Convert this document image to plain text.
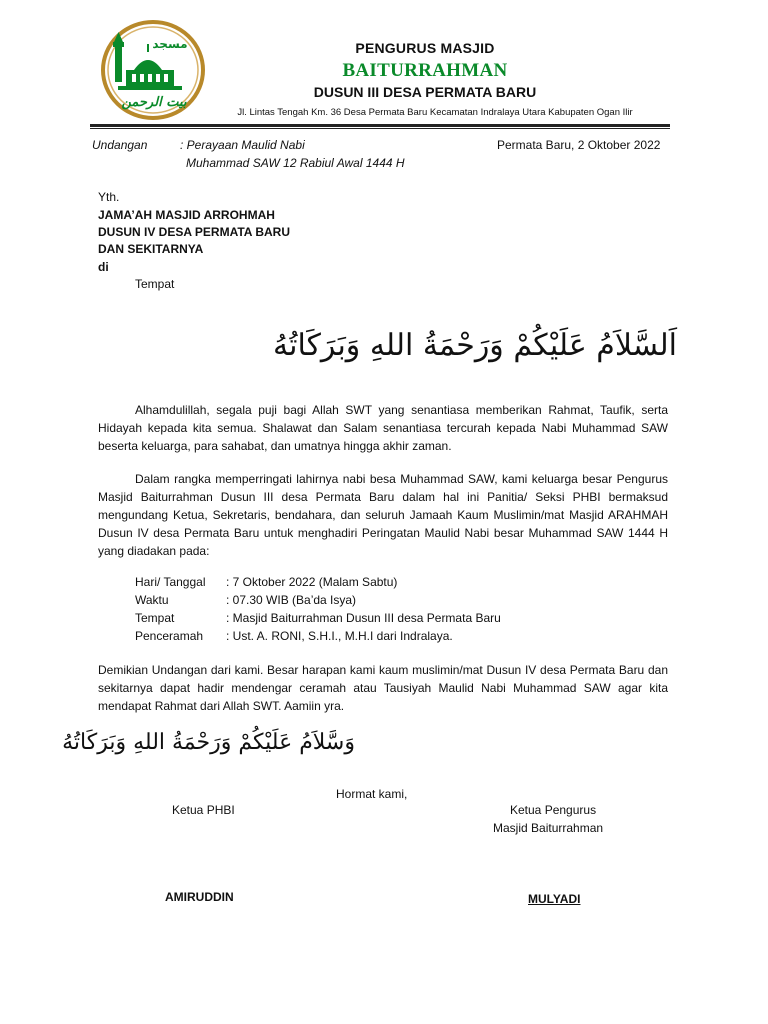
مسجد
بيت الرحمن
PENGURUS MASJID
BAITURRAHMAN
DUSUN III DESA PERMATA BARU
Jl. Lintas Tengah Km. 36 Desa Permata Baru Kecamatan Indralaya Utara Kabupaten Ogan Ilir
Undangan	: Perayaan Maulid Nabi
Muhammad SAW 12 Rabiul Awal 1444 H
Permata Baru, 2 Oktober 2022
Yth.
JAMA’AH MASJID ARROHMAH
DUSUN IV DESA PERMATA BARU
DAN SEKITARNYA
di
Tempat
اَلسَّلاَمُ عَلَيْكُمْ وَرَحْمَةُ اللهِ وَبَرَكَاتُهُ
Alhamdulillah, segala puji bagi Allah SWT yang senantiasa memberikan Rahmat, Taufik, serta Hidayah kepada kita semua. Shalawat dan Salam senantiasa tercurah kepada Nabi Muhammad SAW beserta keluarga, para sahabat, dan umatnya hingga akhir zaman.
Dalam rangka memperringati lahirnya nabi besa Muhammad SAW, kami keluarga besar Pengurus Masjid Baiturrahman Dusun III desa Permata Baru dalam hal ini Panitia/ Seksi PHBI bermaksud mengundang Ketua, Sekretaris, bendahara, dan seluruh Jamaah Kaum Muslimin/mat Masjid ARAHMAH Dusun IV desa Permata Baru untuk menghadiri Peringatan Maulid Nabi besar Muhammad SAW 1444 H yang diadakan pada:
Hari/ Tanggal : 7 Oktober 2022 (Malam Sabtu)
Waktu	: 07.30 WIB (Ba’da Isya)
Tempat	: Masjid Baiturrahman Dusun III desa Permata Baru
Penceramah : Ust. A. RONI, S.H.I., M.H.I dari Indralaya.
Demikian Undangan dari kami. Besar harapan kami kaum muslimin/mat Dusun IV desa Permata Baru dan sekitarnya dapat hadir mendengar ceramah atau Tausiyah Maulid Nabi Muhammad SAW agar kita mendapat Rahmat dari Allah SWT. Aamiin yra.
وَسَّلاَمُ عَلَيْكُمْ وَرَحْمَةُ اللهِ وَبَرَكَاتُهُ
Hormat kami,
Ketua PHBI	Ketua Pengurus
Masjid Baiturrahman
AMIRUDDIN	MULYADI
